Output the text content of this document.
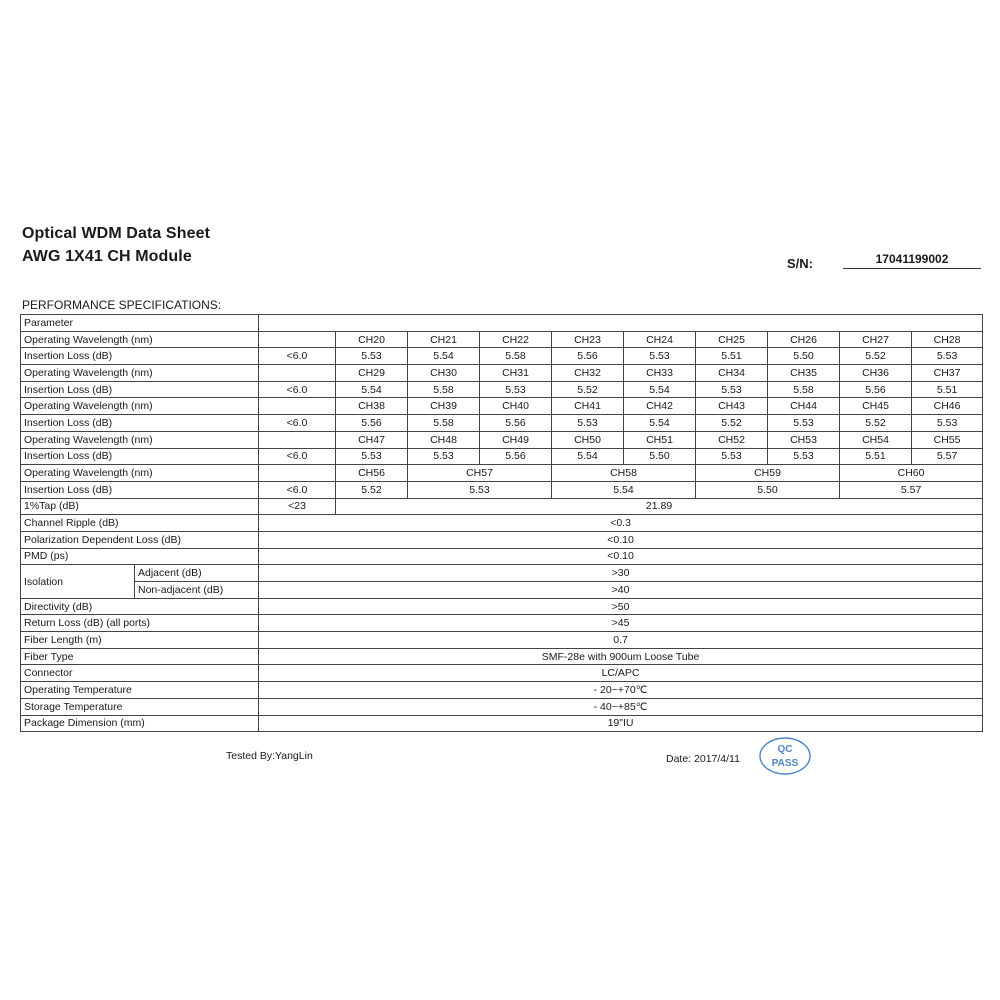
Optical WDM Data Sheet
AWG 1X41 CH Module	S/N:	17041199002
PERFORMANCE SPECIFICATIONS:
Parameter											
Operating Wavelength (nm)			CH20	CH21	CH22	CH23	CH24	CH25	CH26	CH27	CH28
Insertion Loss (dB)		<6.0	5.53	5.54	5.58	5.56	5.53	5.51	5.50	5.52	5.53
Operating Wavelength (nm)			CH29	CH30	CH31	CH32	CH33	CH34	CH35	CH36	CH37
Insertion Loss (dB)		<6.0	5.54	5.58	5.53	5.52	5.54	5.53	5.58	5.56	5.51
Operating Wavelength (nm)			CH38	CH39	CH40	CH41	CH42	CH43	CH44	CH45	CH46
Insertion Loss (dB)		<6.0	5.56	5.58	5.56	5.53	5.54	5.52	5.53	5.52	5.53
Operating Wavelength (nm)			CH47	CH48	CH49	CH50	CH51	CH52	CH53	CH54	CH55
Insertion Loss (dB)		<6.0	5.53	5.53	5.56	5.54	5.50	5.53	5.53	5.51	5.57
Operating Wavelength (nm)			CH56	CH57		CH58		CH59		CH60	
Insertion Loss (dB)		<6.0	5.52	5.53		5.54		5.50		5.57	
1%Tap (dB)		<23	21.89								
Channel Ripple (dB)		<0.3									
Polarization Dependent Loss (dB)		<0.10									
PMD (ps)		<0.10									
Isolation	Adjacent (dB)	>30									
	Non-adjacent (dB)	>40									
Directivity (dB)		>50									
Return Loss (dB) (all ports)		>45									
Fiber Length (m)		0.7									
Fiber Type		SMF-28e with 900um Loose Tube									
Connector		LC/APC									
Operating Temperature		- 20~+70℃									
Storage Temperature		- 40~+85℃									
Package Dimension (mm)		19"IU									
Tested By:YangLin	Date: 2017/4/11
QC
PASS
